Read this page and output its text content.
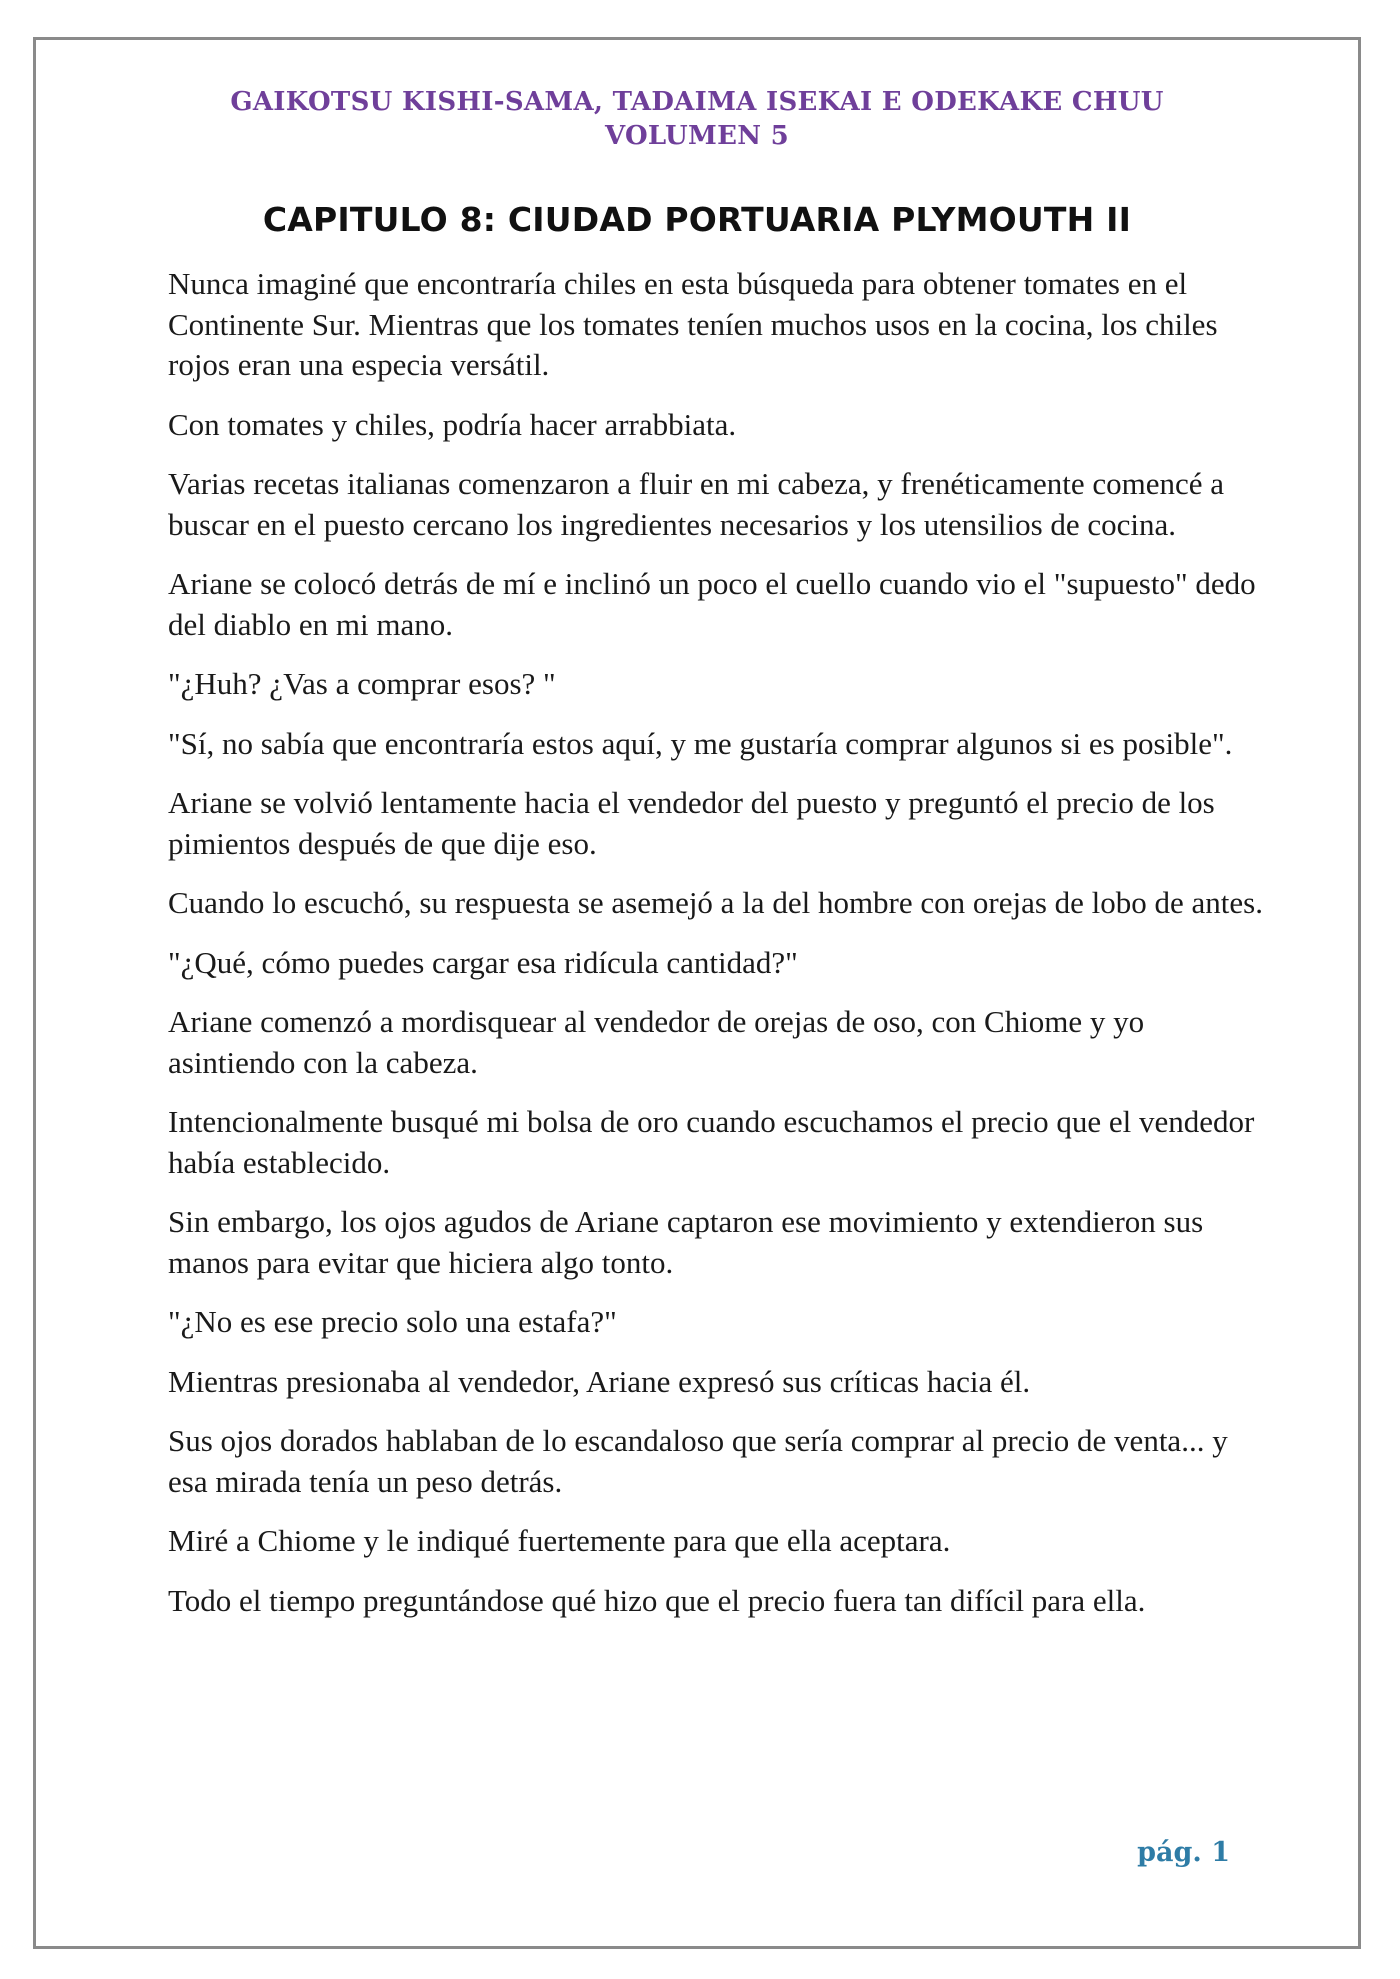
GAIKOTSU KISHI-SAMA, TADAIMA ISEKAI E ODEKAKE CHUU
VOLUMEN 5
CAPITULO 8: CIUDAD PORTUARIA PLYMOUTH II

Nunca imaginé que encontraría chiles en esta búsqueda para obtener tomates en el Continente Sur. Mientras que los tomates teníen muchos usos en la cocina, los chiles rojos eran una especia versátil.

Con tomates y chiles, podría hacer arrabbiata.

Varias recetas italianas comenzaron a fluir en mi cabeza, y frenéticamente comencé a buscar en el puesto cercano los ingredientes necesarios y los utensilios de cocina.

Ariane se colocó detrás de mí e inclinó un poco el cuello cuando vio el "supuesto" dedo del diablo en mi mano.

"¿Huh? ¿Vas a comprar esos? "

"Sí, no sabía que encontraría estos aquí, y me gustaría comprar algunos si es posible".

Ariane se volvió lentamente hacia el vendedor del puesto y preguntó el precio de los pimientos después de que dije eso.

Cuando lo escuchó, su respuesta se asemejó a la del hombre con orejas de lobo de antes.

"¿Qué, cómo puedes cargar esa ridícula cantidad?"

Ariane comenzó a mordisquear al vendedor de orejas de oso, con Chiome y yo asintiendo con la cabeza.

Intencionalmente busqué mi bolsa de oro cuando escuchamos el precio que el vendedor había establecido.

Sin embargo, los ojos agudos de Ariane captaron ese movimiento y extendieron sus manos para evitar que hiciera algo tonto.

"¿No es ese precio solo una estafa?"

Mientras presionaba al vendedor, Ariane expresó sus críticas hacia él.

Sus ojos dorados hablaban de lo escandaloso que sería comprar al precio de venta... y esa mirada tenía un peso detrás.

Miré a Chiome y le indiqué fuertemente para que ella aceptara.

Todo el tiempo preguntándose qué hizo que el precio fuera tan difícil para ella.

pág. 1
